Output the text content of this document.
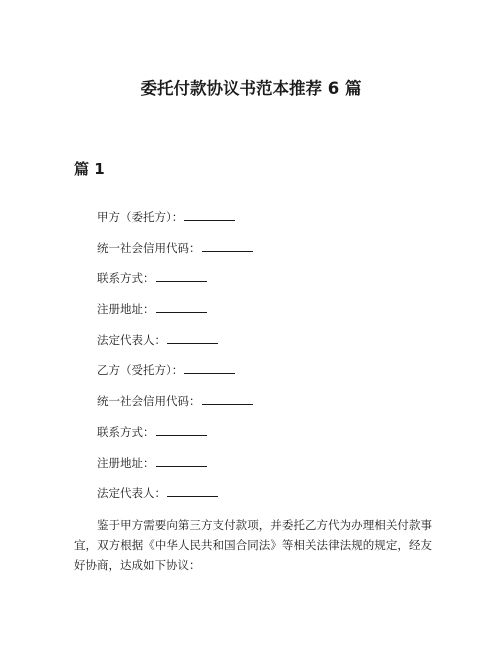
委托付款协议书范本推荐 6 篇
篇 1
甲方（委托方）：
统一社会信用代码：
联系方式：
注册地址：
法定代表人：
乙方（受托方）：
统一社会信用代码：
联系方式：
注册地址：
法定代表人：

鉴于甲方需要向第三方支付款项，并委托乙方代为办理相关付款事宜，双方根据《中华人民共和国合同法》等相关法律法规的规定，经友好协商，达成如下协议：
